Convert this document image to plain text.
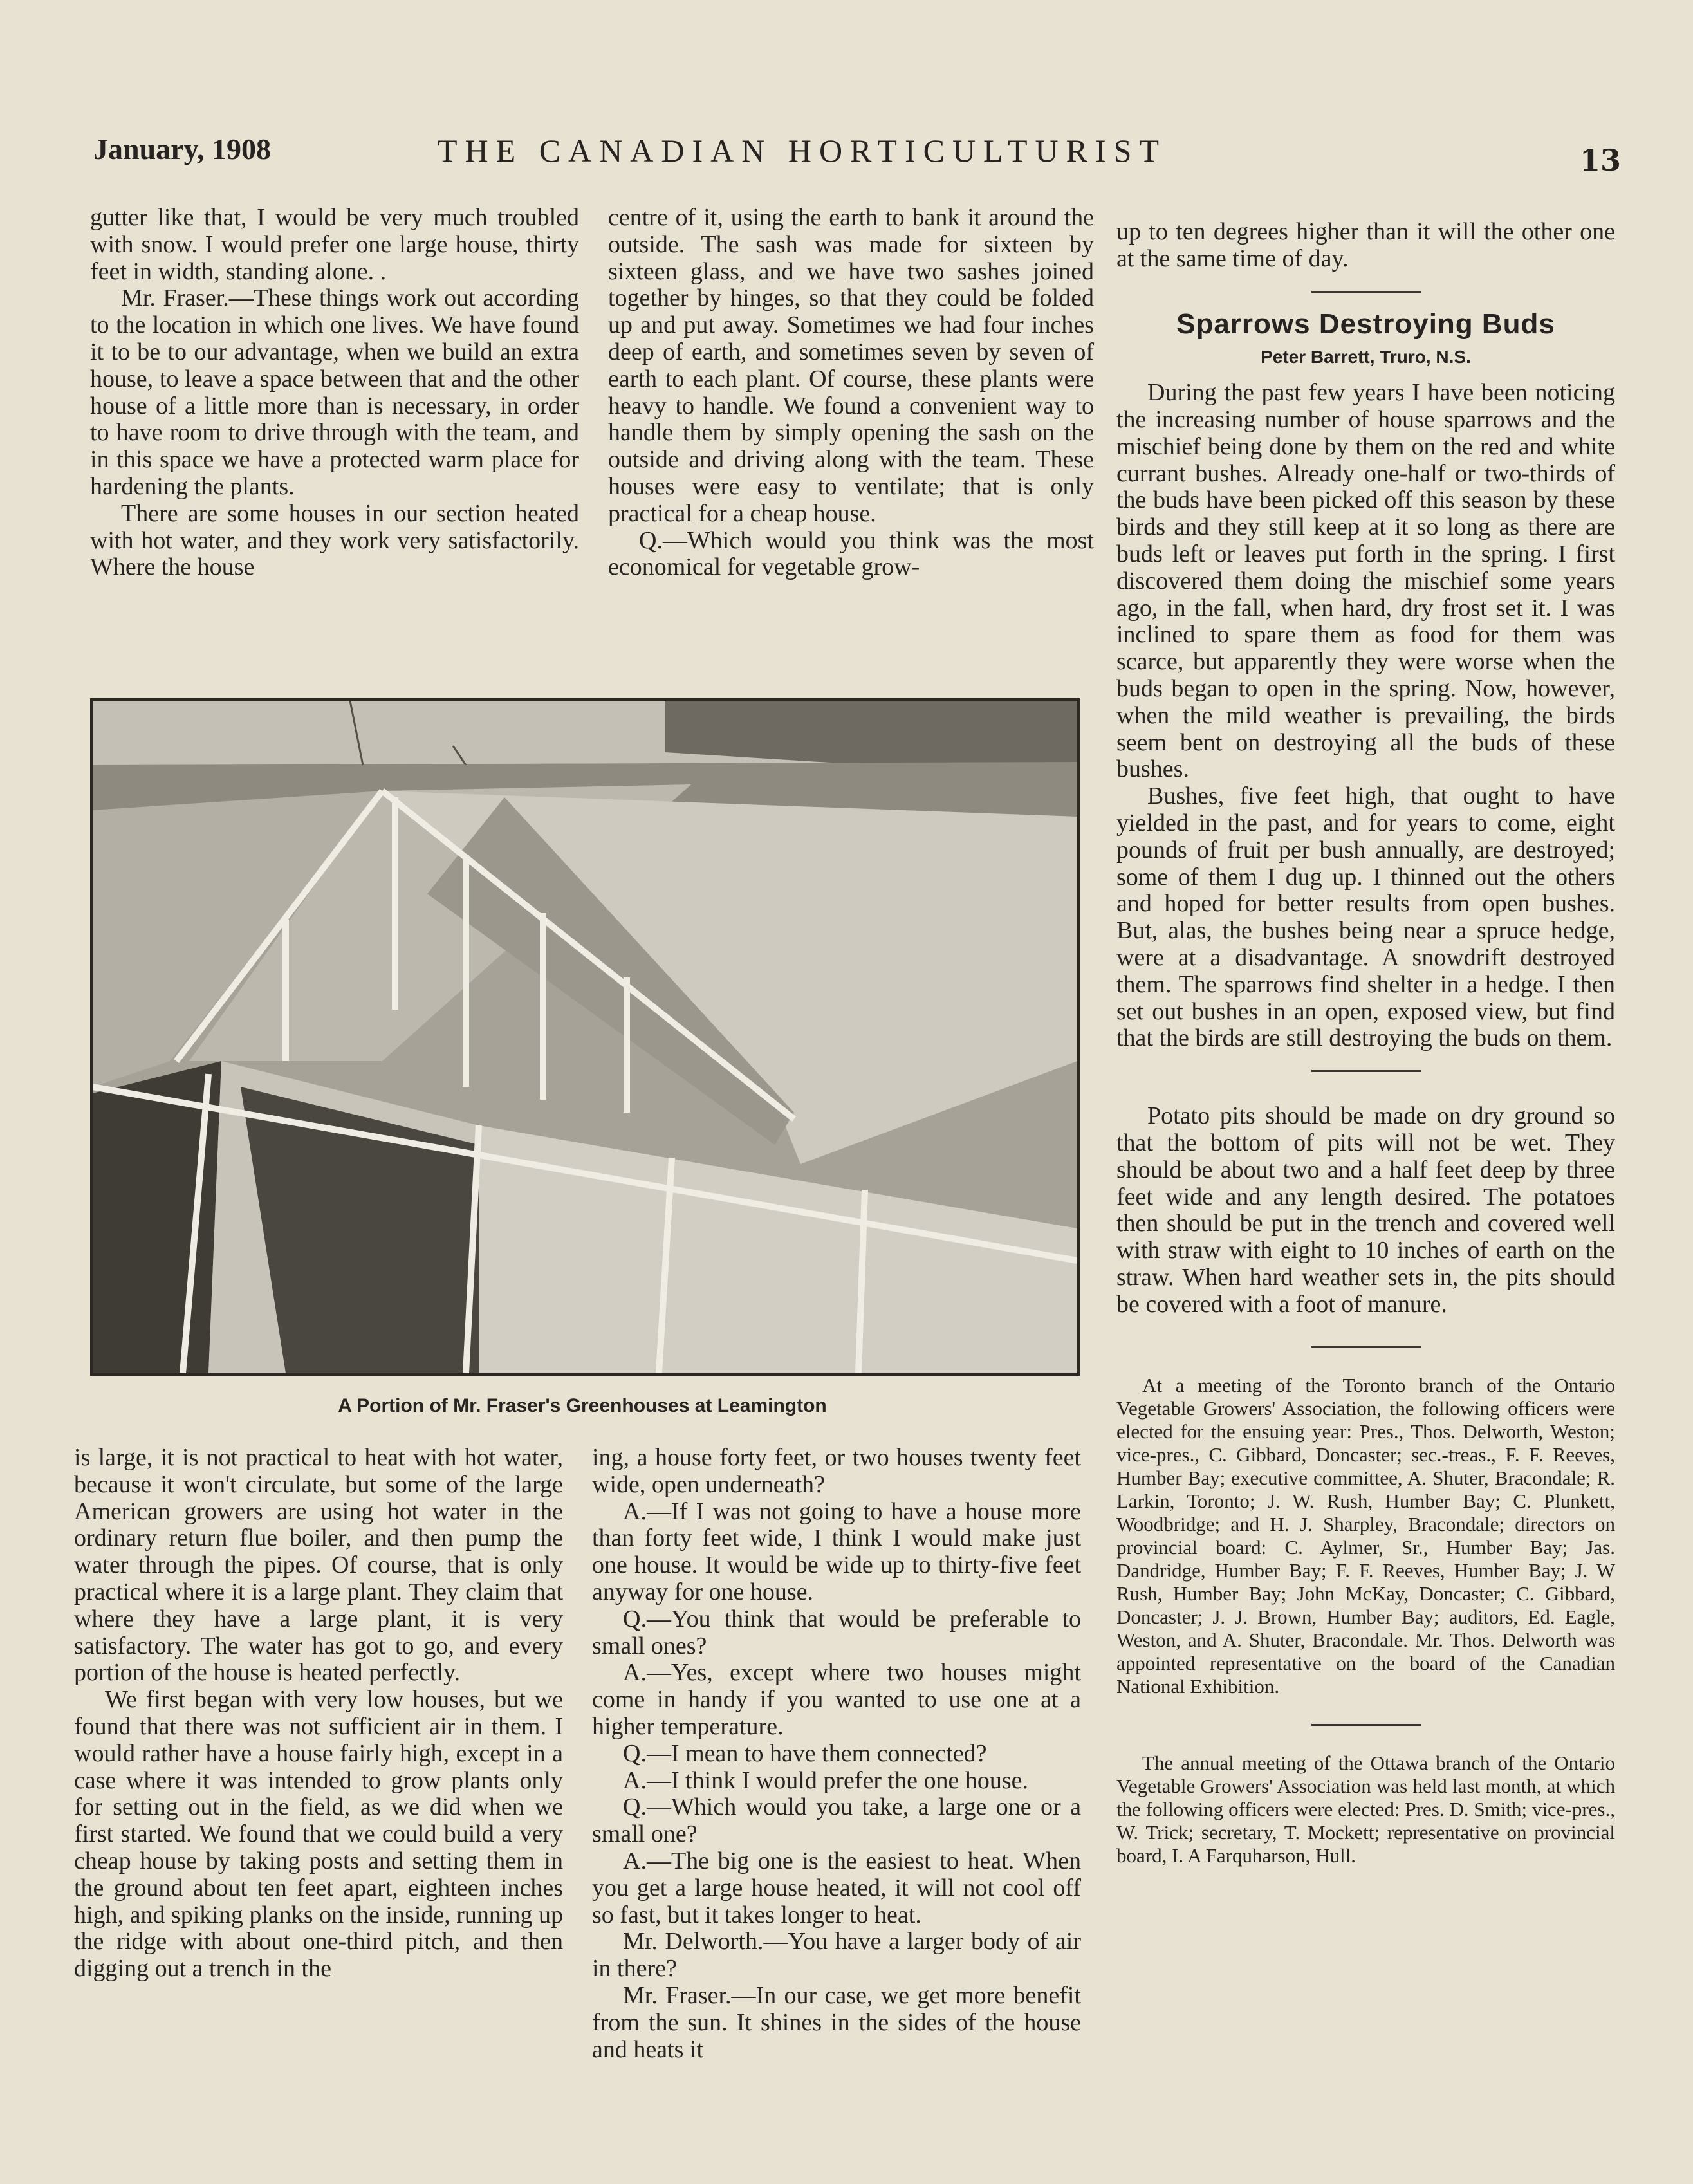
January, 1908	THE CANADIAN HORTICULTURIST	13

gutter like that, I would be very much troubled with snow. I would prefer one large house, thirty feet in width, standing alone. .

Mr. Fraser.—These things work out according to the location in which one lives. We have found it to be to our advantage, when we build an extra house, to leave a space between that and the other house of a little more than is necessary, in order to have room to drive through with the team, and in this space we have a protected warm place for hardening the plants.

There are some houses in our section heated with hot water, and they work very satisfactorily. Where the house

centre of it, using the earth to bank it around the outside. The sash was made for sixteen by sixteen glass, and we have two sashes joined together by hinges, so that they could be folded up and put away. Sometimes we had four inches deep of earth, and sometimes seven by seven of earth to each plant. Of course, these plants were heavy to handle. We found a convenient way to handle them by simply opening the sash on the outside and driving along with the team. These houses were easy to ventilate; that is only practical for a cheap house.

Q.—Which would you think was the most economical for vegetable grow-

A Portion of Mr. Fraser's Greenhouses at Leamington

is large, it is not practical to heat with hot water, because it won't circulate, but some of the large American growers are using hot water in the ordinary return flue boiler, and then pump the water through the pipes. Of course, that is only practical where it is a large plant. They claim that where they have a large plant, it is very satisfactory. The water has got to go, and every portion of the house is heated perfectly.

We first began with very low houses, but we found that there was not sufficient air in them. I would rather have a house fairly high, except in a case where it was intended to grow plants only for setting out in the field, as we did when we first started. We found that we could build a very cheap house by taking posts and setting them in the ground about ten feet apart, eighteen inches high, and spiking planks on the inside, running up the ridge with about one-third pitch, and then digging out a trench in the

ing, a house forty feet, or two houses twenty feet wide, open underneath?

A.—If I was not going to have a house more than forty feet wide, I think I would make just one house. It would be wide up to thirty-five feet anyway for one house.

Q.—You think that would be preferable to small ones?

A.—Yes, except where two houses might come in handy if you wanted to use one at a higher temperature.

Q.—I mean to have them connected?

A.—I think I would prefer the one house.

Q.—Which would you take, a large one or a small one?

A.—The big one is the easiest to heat. When you get a large house heated, it will not cool off so fast, but it takes longer to heat.

Mr. Delworth.—You have a larger body of air in there?

Mr. Fraser.—In our case, we get more benefit from the sun. It shines in the sides of the house and heats it

up to ten degrees higher than it will the other one at the same time of day.

Sparrows Destroying Buds
Peter Barrett, Truro, N.S.

During the past few years I have been noticing the increasing number of house sparrows and the mischief being done by them on the red and white currant bushes. Already one-half or two-thirds of the buds have been picked off this season by these birds and they still keep at it so long as there are buds left or leaves put forth in the spring. I first discovered them doing the mischief some years ago, in the fall, when hard, dry frost set it. I was inclined to spare them as food for them was scarce, but apparently they were worse when the buds began to open in the spring. Now, however, when the mild weather is prevailing, the birds seem bent on destroying all the buds of these bushes.

Bushes, five feet high, that ought to have yielded in the past, and for years to come, eight pounds of fruit per bush annually, are destroyed; some of them I dug up. I thinned out the others and hoped for better results from open bushes. But, alas, the bushes being near a spruce hedge, were at a disadvantage. A snowdrift destroyed them. The sparrows find shelter in a hedge. I then set out bushes in an open, exposed view, but find that the birds are still destroying the buds on them.

Potato pits should be made on dry ground so that the bottom of pits will not be wet. They should be about two and a half feet deep by three feet wide and any length desired. The potatoes then should be put in the trench and covered well with straw with eight to 10 inches of earth on the straw. When hard weather sets in, the pits should be covered with a foot of manure.

At a meeting of the Toronto branch of the Ontario Vegetable Growers' Association, the following officers were elected for the ensuing year: Pres., Thos. Delworth, Weston; vice-pres., C. Gibbard, Doncaster; sec.-treas., F. F. Reeves, Humber Bay; executive committee, A. Shuter, Bracondale; R. Larkin, Toronto; J. W. Rush, Humber Bay; C. Plunkett, Woodbridge; and H. J. Sharpley, Bracondale; directors on provincial board: C. Aylmer, Sr., Humber Bay; Jas. Dandridge, Humber Bay; F. F. Reeves, Humber Bay; J. W Rush, Humber Bay; John McKay, Doncaster; C. Gibbard, Doncaster; J. J. Brown, Humber Bay; auditors, Ed. Eagle, Weston, and A. Shuter, Bracondale. Mr. Thos. Delworth was appointed representative on the board of the Canadian National Exhibition.

The annual meeting of the Ottawa branch of the Ontario Vegetable Growers' Association was held last month, at which the following officers were elected: Pres. D. Smith; vice-pres., W. Trick; secretary, T. Mockett; representative on provincial board, I. A Farquharson, Hull.
